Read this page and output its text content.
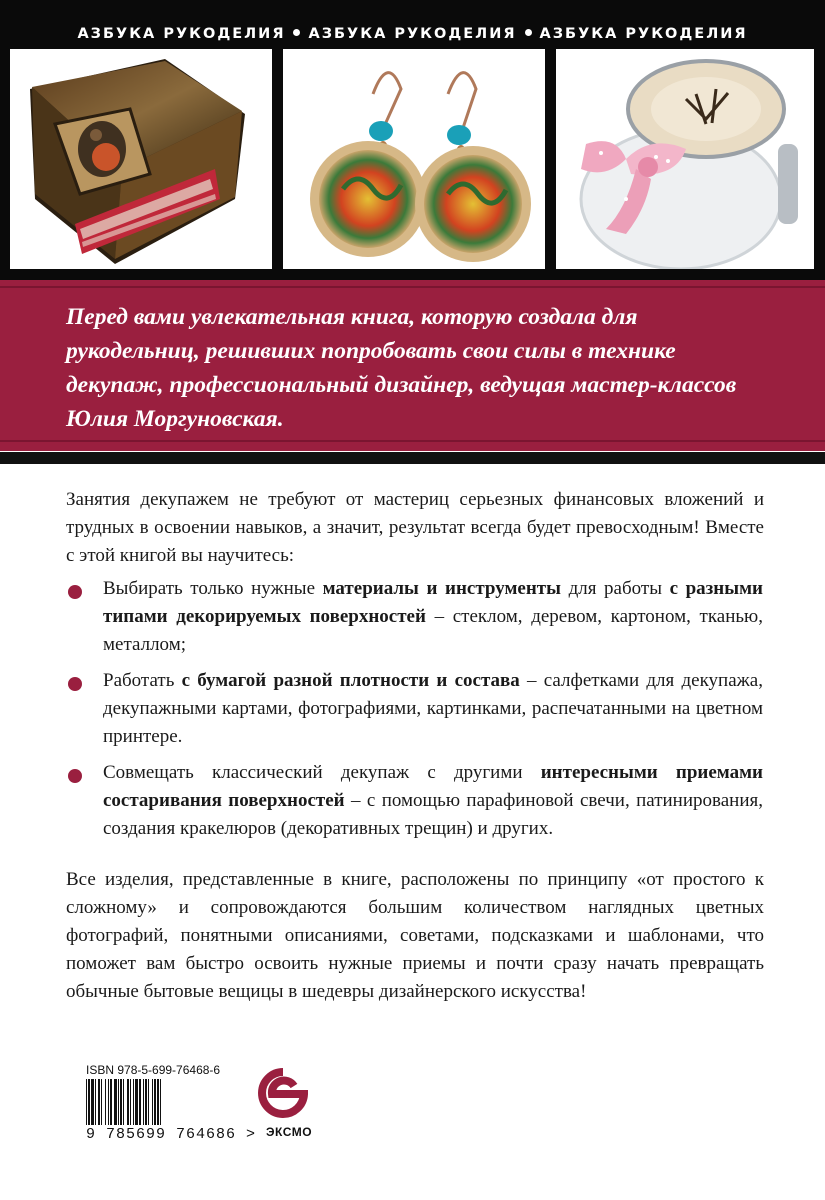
АЗБУКА РУКОДЕЛИЯ АЗБУКА РУКОДЕЛИЯ АЗБУКА РУКОДЕЛИЯ
Перед вами увлекательная книга, которую создала для рукодельниц, решивших попробовать свои силы в технике декупаж, профессиональный дизайнер, ведущая мастер-классов Юлия Моргуновская.
Занятия декупажем не требуют от мастериц серьезных финансовых вложений и трудных в освоении навыков, а значит, результат всегда будет превосходным! Вместе с этой книгой вы научитесь:
Выбирать только нужные материалы и инструменты для работы с разными типами декорируемых поверхностей – стеклом, деревом, картоном, тканью, металлом;
Работать с бумагой разной плотности и состава – салфетками для декупажа, декупажными картами, фотографиями, картинками, распечатанными на цветном принтере.
Совмещать классический декупаж с другими интересными приемами состаривания поверхностей – с помощью парафиновой свечи, патинирования, создания кракелюров (декоративных трещин) и других.
Все изделия, представленные в книге, расположены по принципу «от простого к сложному» и сопровождаются большим количеством наглядных цветных фотографий, понятными описаниями, советами, подсказками и шаблонами, что поможет вам быстро освоить нужные приемы и почти сразу начать превращать обычные бытовые вещицы в шедевры дизайнерского искусства!
ISBN 978-5-699-76468-6
9 785699 764686 > ЭКСМО
